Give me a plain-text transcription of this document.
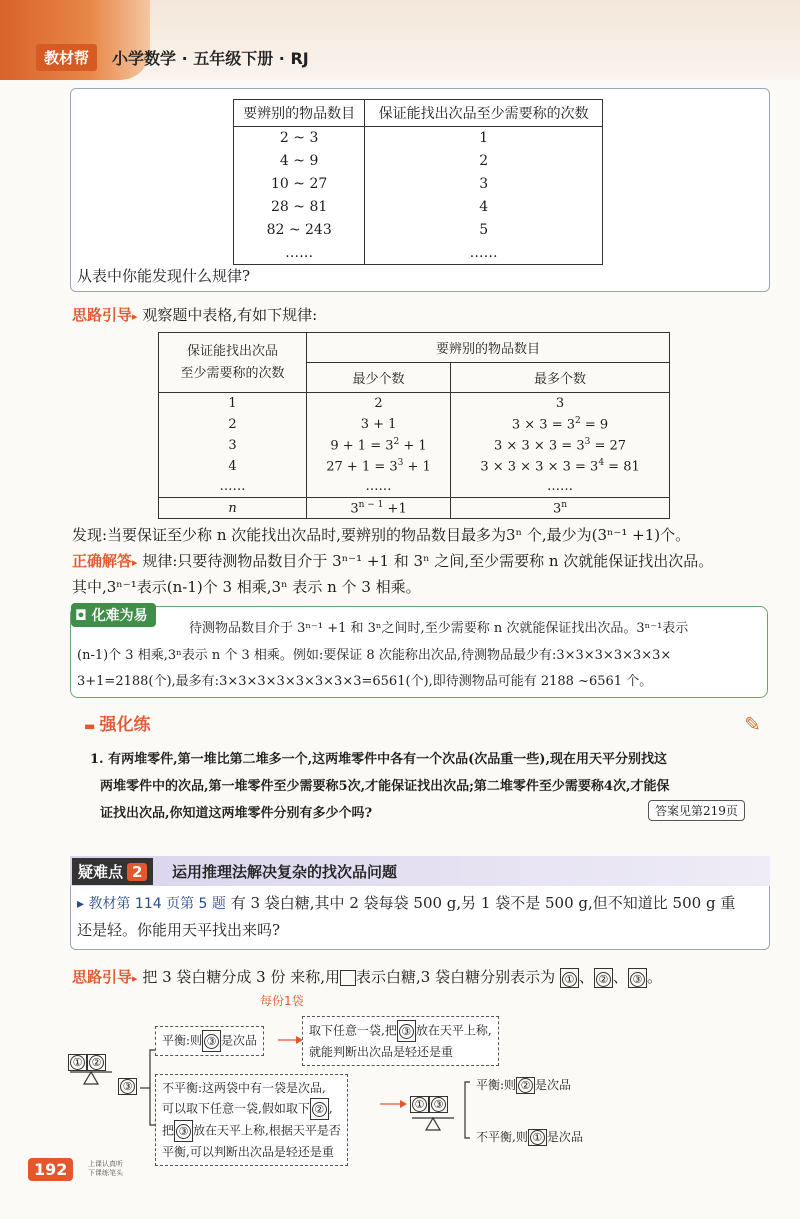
教材帮	小学数学 · 五年级下册 · RJ
要辨别的物品数目	保证能找出次品至少需要称的次数
2 ~ 3	1
4 ~ 9	2
10 ~ 27	3
28 ~ 81	4
82 ~ 243	5
……	……
从表中你能发现什么规律?
思路引导▸ 观察题中表格,有如下规律:
保证能找出次品
至少需要称的次数	要辨别的物品数目	
	最少个数	最多个数
1	2	3
2	3 + 1	$3 \times 3 = 3^2 = 9$
3	$9 + 1 = 3^2 + 1$	$3 \times 3 \times 3 = 3^3 = 27$
4	$27 + 1 = 3^3 + 1$	$3 \times 3 \times 3 \times 3 = 3^4 = 81$
……	……	……
n	$3^{n - 1} +1$	3$^n$
发现:当要保证至少称 n 次能找出次品时,要辨别的物品数目最多为3ⁿ 个,最少为(3ⁿ⁻¹ +1)个。
正确解答▸ 规律:只要待测物品数目介于 3ⁿ⁻¹ +1 和 3ⁿ 之间,至少需要称 n 次就能保证找出次品。
其中,3ⁿ⁻¹表示(n-1)个 3 相乘,3ⁿ 表示 n 个 3 相乘。
◘ 化难为易
待测物品数目介于 3ⁿ⁻¹ +1 和 3ⁿ之间时,至少需要称 n 次就能保证找出次品。3ⁿ⁻¹表示
(n-1)个 3 相乘,3ⁿ表示 n 个 3 相乘。例如:要保证 8 次能称出次品,待测物品最少有:3×3×3×3×3×3×
3+1=2188(个),最多有:3×3×3×3×3×3×3×3=6561(个),即待测物品可能有 2188 ~6561 个。
▬ 强化练	✎
1. 有两堆零件,第一堆比第二堆多一个,这两堆零件中各有一个次品(次品重一些),现在用天平分别找这
两堆零件中的次品,第一堆零件至少需要称5次,才能保证找出次品;第二堆零件至少需要称4次,才能保
证找出次品,你知道这两堆零件分别有多少个吗?	答案见第219页
疑难点 2	运用推理法解决复杂的找次品问题
▸ 教材第 114 页第 5 题 有 3 袋白糖,其中 2 袋每袋 500 g,另 1 袋不是 500 g,但不知道比 500 g 重
还是轻。你能用天平找出来吗?
思路引导▸ 把 3 袋白糖分成 3 份 来称,用 表示白糖,3 袋白糖分别表示为 ① 、 ② 、 ③ 。
每份1袋
① ②
③
平衡:则 ③ 是次品
取下任意一袋,把 ③ 放在天平上称,
就能判断出次品是轻还是重
不平衡:这两袋中有一袋是次品,
可以取下任意一袋,假如取下 ② ,
把 ③ 放在天平上称,根据天平是否
平衡,可以判断出次品是轻还是重
① ③
平衡:则 ② 是次品
不平衡,则 ① 是次品
192	上课认真听
下课练笔头
